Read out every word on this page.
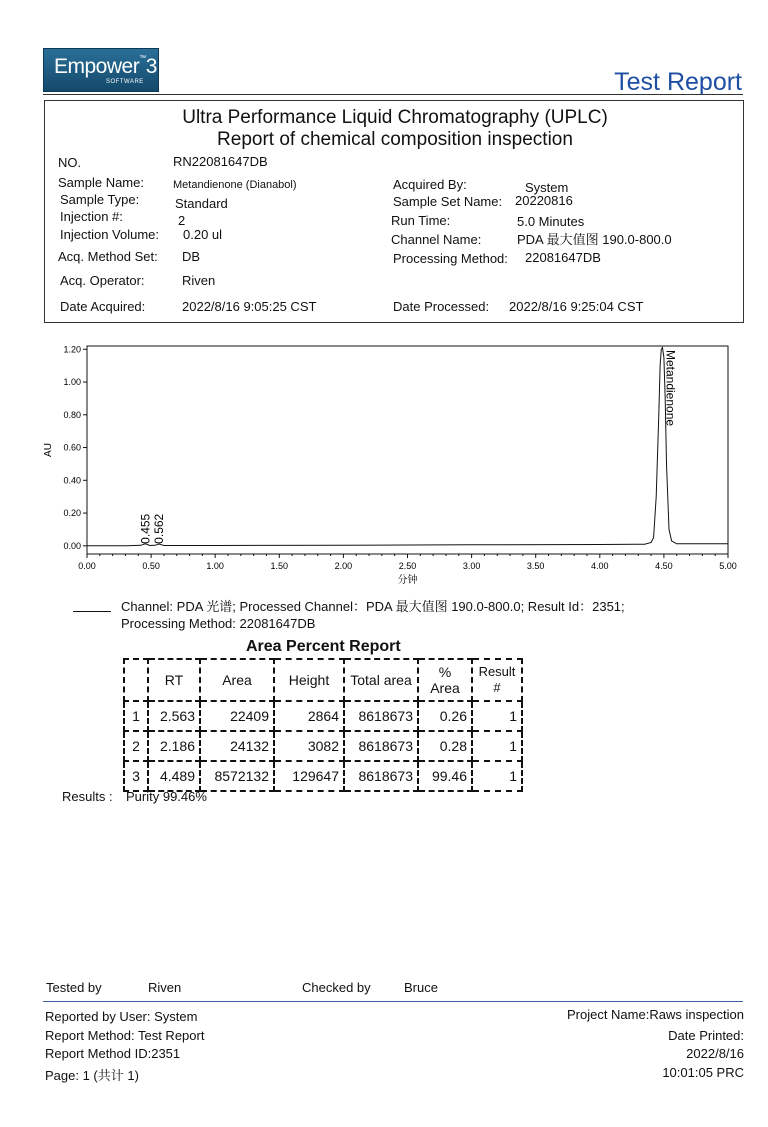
Empower™3
SOFTWARE	Test Report
Ultra Performance Liquid Chromatography (UPLC)
Report of chemical composition inspection
NO.	RN22081647DB
Sample Name:	Metandienone (Dianabol)
Sample Type:	Standard
Injection #:	2
Injection Volume: 0.20 ul
Acq. Method Set: DB
Acq. Operator:	Riven
Date Acquired:	2022/8/16 9:05:25 CST
Acquired By:	System
Sample Set Name: 20220816
Run Time:	5.0 Minutes
Channel Name:	PDA 最大值图 190.0-800.0
Processing Method: 22081647DB
Date Processed: 2022/8/16 9:25:04 CST
0.00	0.50	1.00	1.50	2.00	2.50	3.00	3.50	4.00	4.50	5.00
0.00
0.20
0.40
0.60
0.80
1.00
1.20
分钟
AU
0.455 0.562
Metandienone
Channel: PDA 光谱; Processed Channel：PDA 最大值图 190.0-800.0; Result Id：2351;
Processing Method: 22081647DB
Area Percent Report
	RT	Area	Height	Total area	% Area	Result #
1	2.563	22409	2864	8618673	0.26	1
2	2.186	24132	3082	8618673	0.28	1
3	4.489	8572132	129647	8618673	99.46	1
Results : Purity 99.46%
Tested by	Riven	Checked by	Bruce
Reported by User: System
Report Method: Test Report
Report Method ID:2351
Page: 1 (共计 1)
Project Name:Raws inspection
Date Printed:
2022/8/16
10:01:05 PRC
